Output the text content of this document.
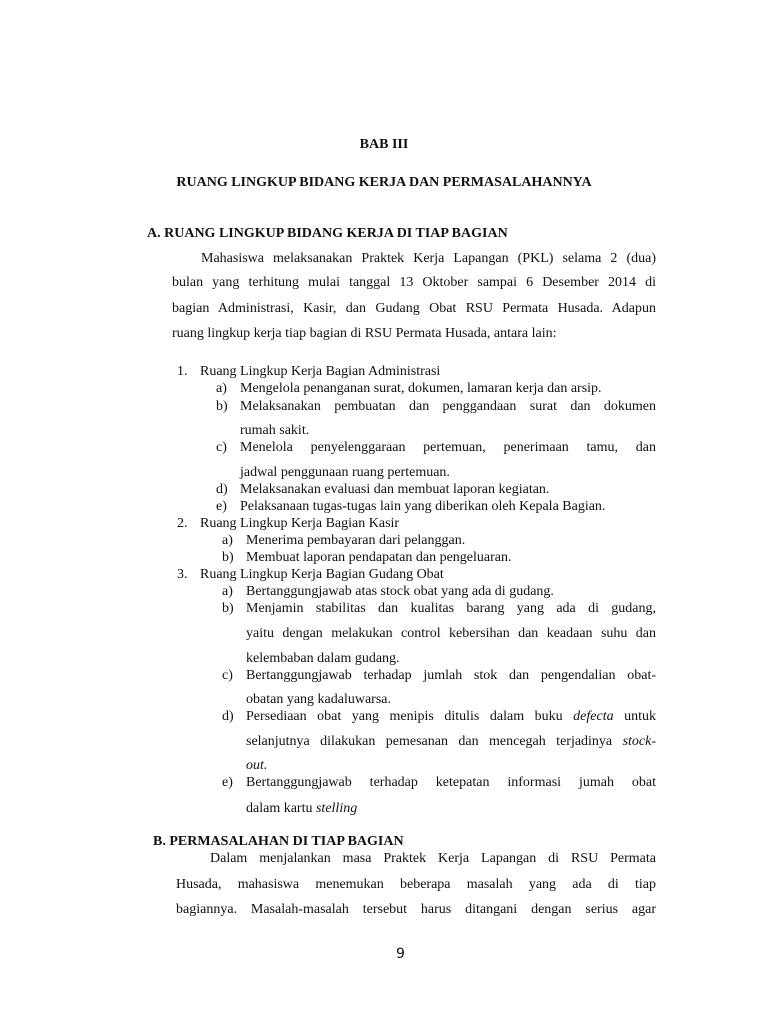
BAB III
RUANG LINGKUP BIDANG KERJA DAN PERMASALAHANNYA
A. RUANG LINGKUP BIDANG KERJA DI TIAP BAGIAN
Mahasiswa melaksanakan Praktek Kerja Lapangan (PKL) selama 2 (dua)
bulan yang terhitung mulai tanggal 13 Oktober sampai 6 Desember 2014 di
bagian Administrasi, Kasir, dan Gudang Obat RSU Permata Husada. Adapun
ruang lingkup kerja tiap bagian di RSU Permata Husada, antara lain:
1. Ruang Lingkup Kerja Bagian Administrasi
a) Mengelola penanganan surat, dokumen, lamaran kerja dan arsip.
b) Melaksanakan pembuatan dan penggandaan surat dan dokumen
rumah sakit.
c) Menelola penyelenggaraan pertemuan, penerimaan tamu, dan
jadwal penggunaan ruang pertemuan.
d) Melaksanakan evaluasi dan membuat laporan kegiatan.
e) Pelaksanaan tugas-tugas lain yang diberikan oleh Kepala Bagian.
2. Ruang Lingkup Kerja Bagian Kasir
a) Menerima pembayaran dari pelanggan.
b) Membuat laporan pendapatan dan pengeluaran.
3. Ruang Lingkup Kerja Bagian Gudang Obat
a) Bertanggungjawab atas stock obat yang ada di gudang.
b) Menjamin stabilitas dan kualitas barang yang ada di gudang,
yaitu dengan melakukan control kebersihan dan keadaan suhu dan
kelembaban dalam gudang.
c) Bertanggungjawab terhadap jumlah stok dan pengendalian obat-
obatan yang kadaluwarsa.
d) Persediaan obat yang menipis ditulis dalam buku defecta untuk
selanjutnya dilakukan pemesanan dan mencegah terjadinya stock-
out.
e) Bertanggungjawab terhadap ketepatan informasi jumah obat
dalam kartu stelling
B. PERMASALAHAN DI TIAP BAGIAN
Dalam menjalankan masa Praktek Kerja Lapangan di RSU Permata
Husada, mahasiswa menemukan beberapa masalah yang ada di tiap
bagiannya. Masalah-masalah tersebut harus ditangani dengan serius agar
9
